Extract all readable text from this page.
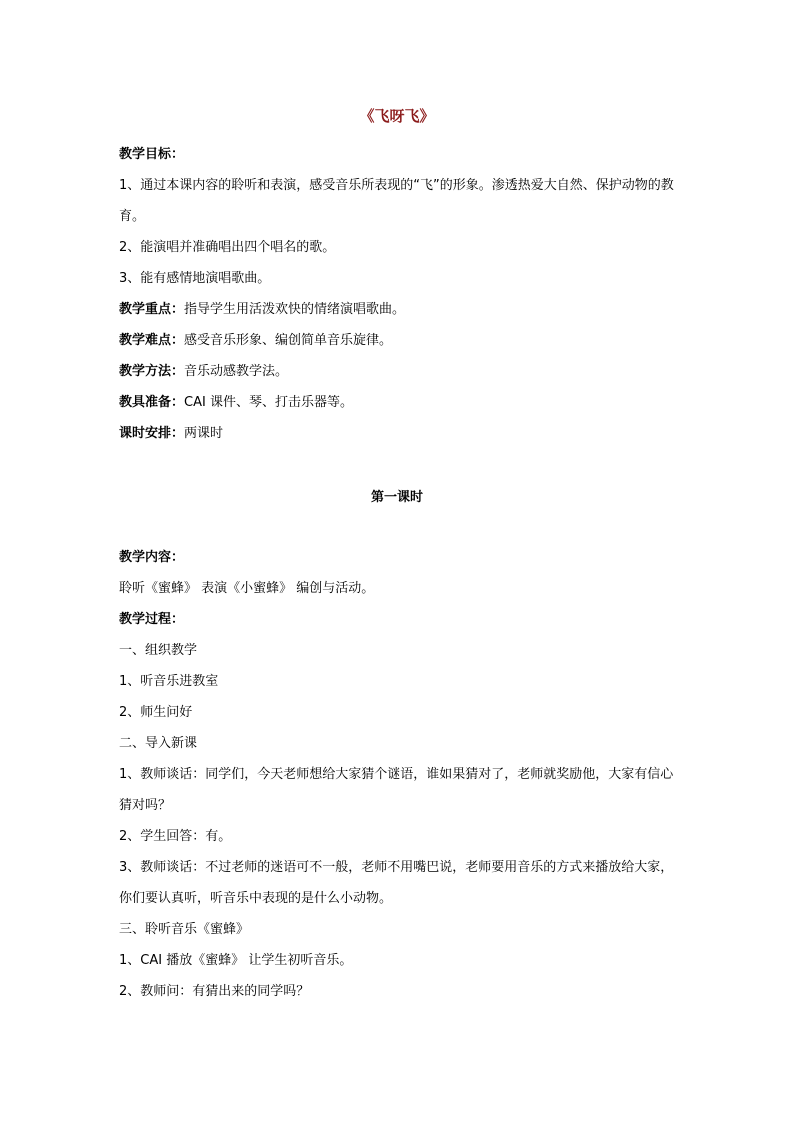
《飞呀飞》
教学目标：
1、通过本课内容的聆听和表演，感受音乐所表现的“飞”的形象。渗透热爱大自然、保护动物的教育。
2、能演唱并准确唱出四个唱名的歌。
3、能有感情地演唱歌曲。
教学重点：指导学生用活泼欢快的情绪演唱歌曲。
教学难点：感受音乐形象、编创简单音乐旋律。
教学方法：音乐动感教学法。
教具准备：CAI 课件、琴、打击乐器等。
课时安排：两课时
第一课时
教学内容：
聆听《蜜蜂》 表演《小蜜蜂》 编创与活动。
教学过程：
一、组织教学
1、听音乐进教室
2、师生问好
二、导入新课
1、教师谈话：同学们，今天老师想给大家猜个谜语，谁如果猜对了，老师就奖励他，大家有信心猜对吗？
2、学生回答：有。
3、教师谈话：不过老师的迷语可不一般，老师不用嘴巴说，老师要用音乐的方式来播放给大家，你们要认真听，听音乐中表现的是什么小动物。
三、聆听音乐《蜜蜂》
1、CAI 播放《蜜蜂》 让学生初听音乐。
2、教师问：有猜出来的同学吗？
